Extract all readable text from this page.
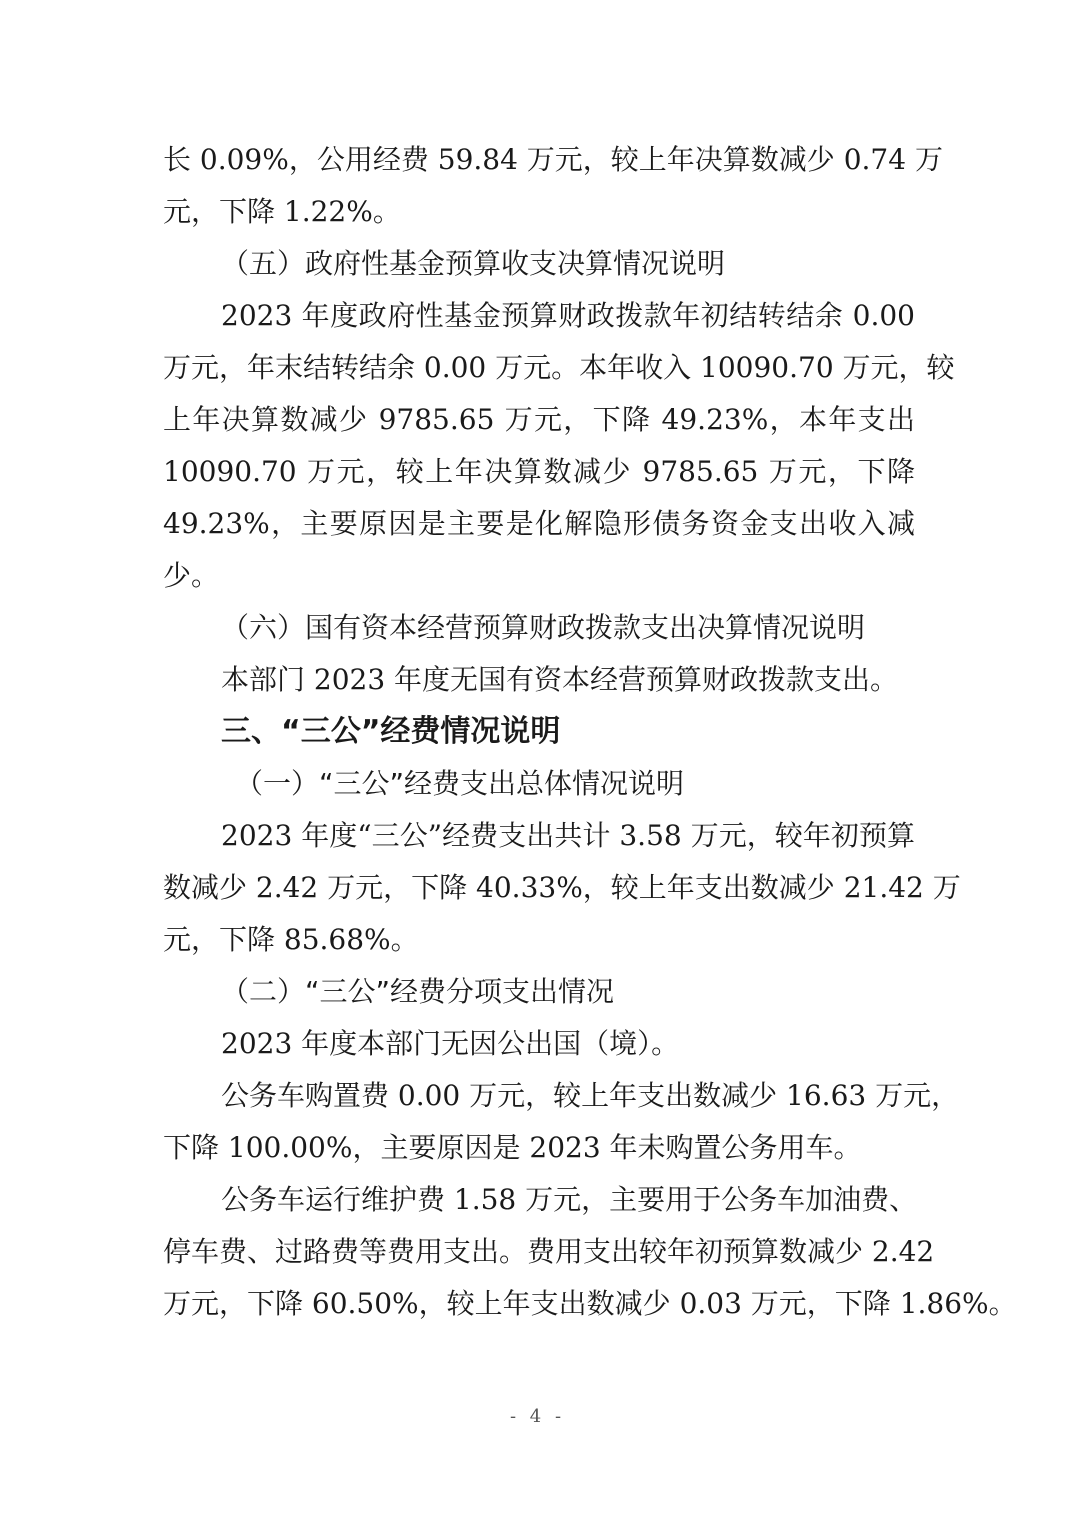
长 0.09%，公用经费 59.84 万元，较上年决算数减少 0.74 万
元，下降 1.22%。
（五）政府性基金预算收支决算情况说明
2023 年度政府性基金预算财政拨款年初结转结余 0.00
万元，年末结转结余 0.00 万元。本年收入 10090.70 万元，较
上年决算数减少 9785.65 万元，下降 49.23%，本年支出
10090.70 万元，较上年决算数减少 9785.65 万元，下降
49.23%，主要原因是主要是化解隐形债务资金支出收入减
少。
（六）国有资本经营预算财政拨款支出决算情况说明
本部门 2023 年度无国有资本经营预算财政拨款支出。
三、“三公”经费情况说明
（一）“三公”经费支出总体情况说明
2023 年度“三公”经费支出共计 3.58 万元，较年初预算
数减少 2.42 万元，下降 40.33%，较上年支出数减少 21.42 万
元，下降 85.68%。
（二）“三公”经费分项支出情况
2023 年度本部门无因公出国（境）。
公务车购置费 0.00 万元，较上年支出数减少 16.63 万元，
下降 100.00%，主要原因是 2023 年未购置公务用车。
公务车运行维护费 1.58 万元，主要用于公务车加油费、
停车费、过路费等费用支出。费用支出较年初预算数减少 2.42
万元，下降 60.50%，较上年支出数减少 0.03 万元，下降 1.86%。
- 4 -
